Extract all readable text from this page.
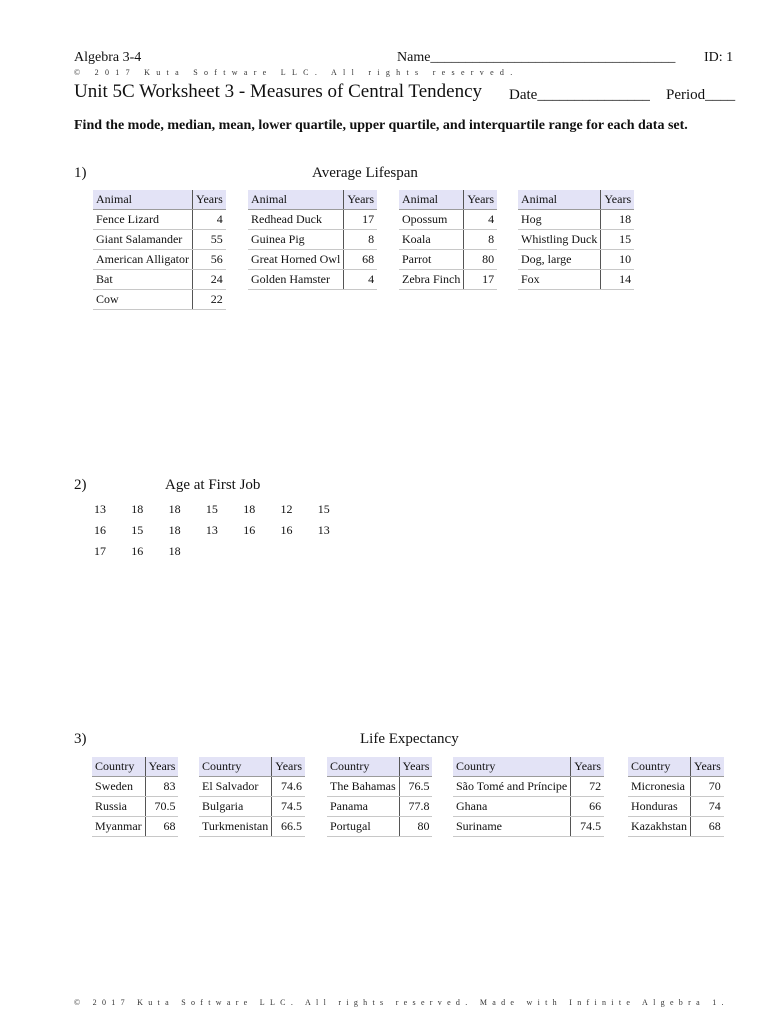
Algebra 3-4	Name___________________________________ ID: 1
© 2017 Kuta Software LLC. All rights reserved.
Unit 5C Worksheet 3 - Measures of Central Tendency Date_______________ Period____
Find the mode, median, mean, lower quartile, upper quartile, and interquartile range for each data set.
1)	Average Lifespan
Animal	Years
Fence Lizard	4
Giant Salamander	55
American Alligator	56
Bat	24
Cow	22
Animal	Years
Redhead Duck	17
Guinea Pig	8
Great Horned Owl	68
Golden Hamster	4
Animal	Years
Opossum	4
Koala	8
Parrot	80
Zebra Finch	17
Animal	Years
Hog	18
Whistling Duck	15
Dog, large	10
Fox	14
2)	Age at First Job
13 18 18 15 18 12 15
16 15 18 13 16 16 13
17 16 18
3)	Life Expectancy
Country	Years
Sweden	83
Russia	70.5
Myanmar	68
Country	Years
El Salvador	74.6
Bulgaria	74.5
Turkmenistan	66.5
Country	Years
The Bahamas	76.5
Panama	77.8
Portugal	80
Country	Years
São Tomé and Príncipe	72
Ghana	66
Suriname	74.5
Country	Years
Micronesia	70
Honduras	74
Kazakhstan	68
© 2017 Kuta Software LLC. All rights reserved. Made with Infinite Algebra 1.
